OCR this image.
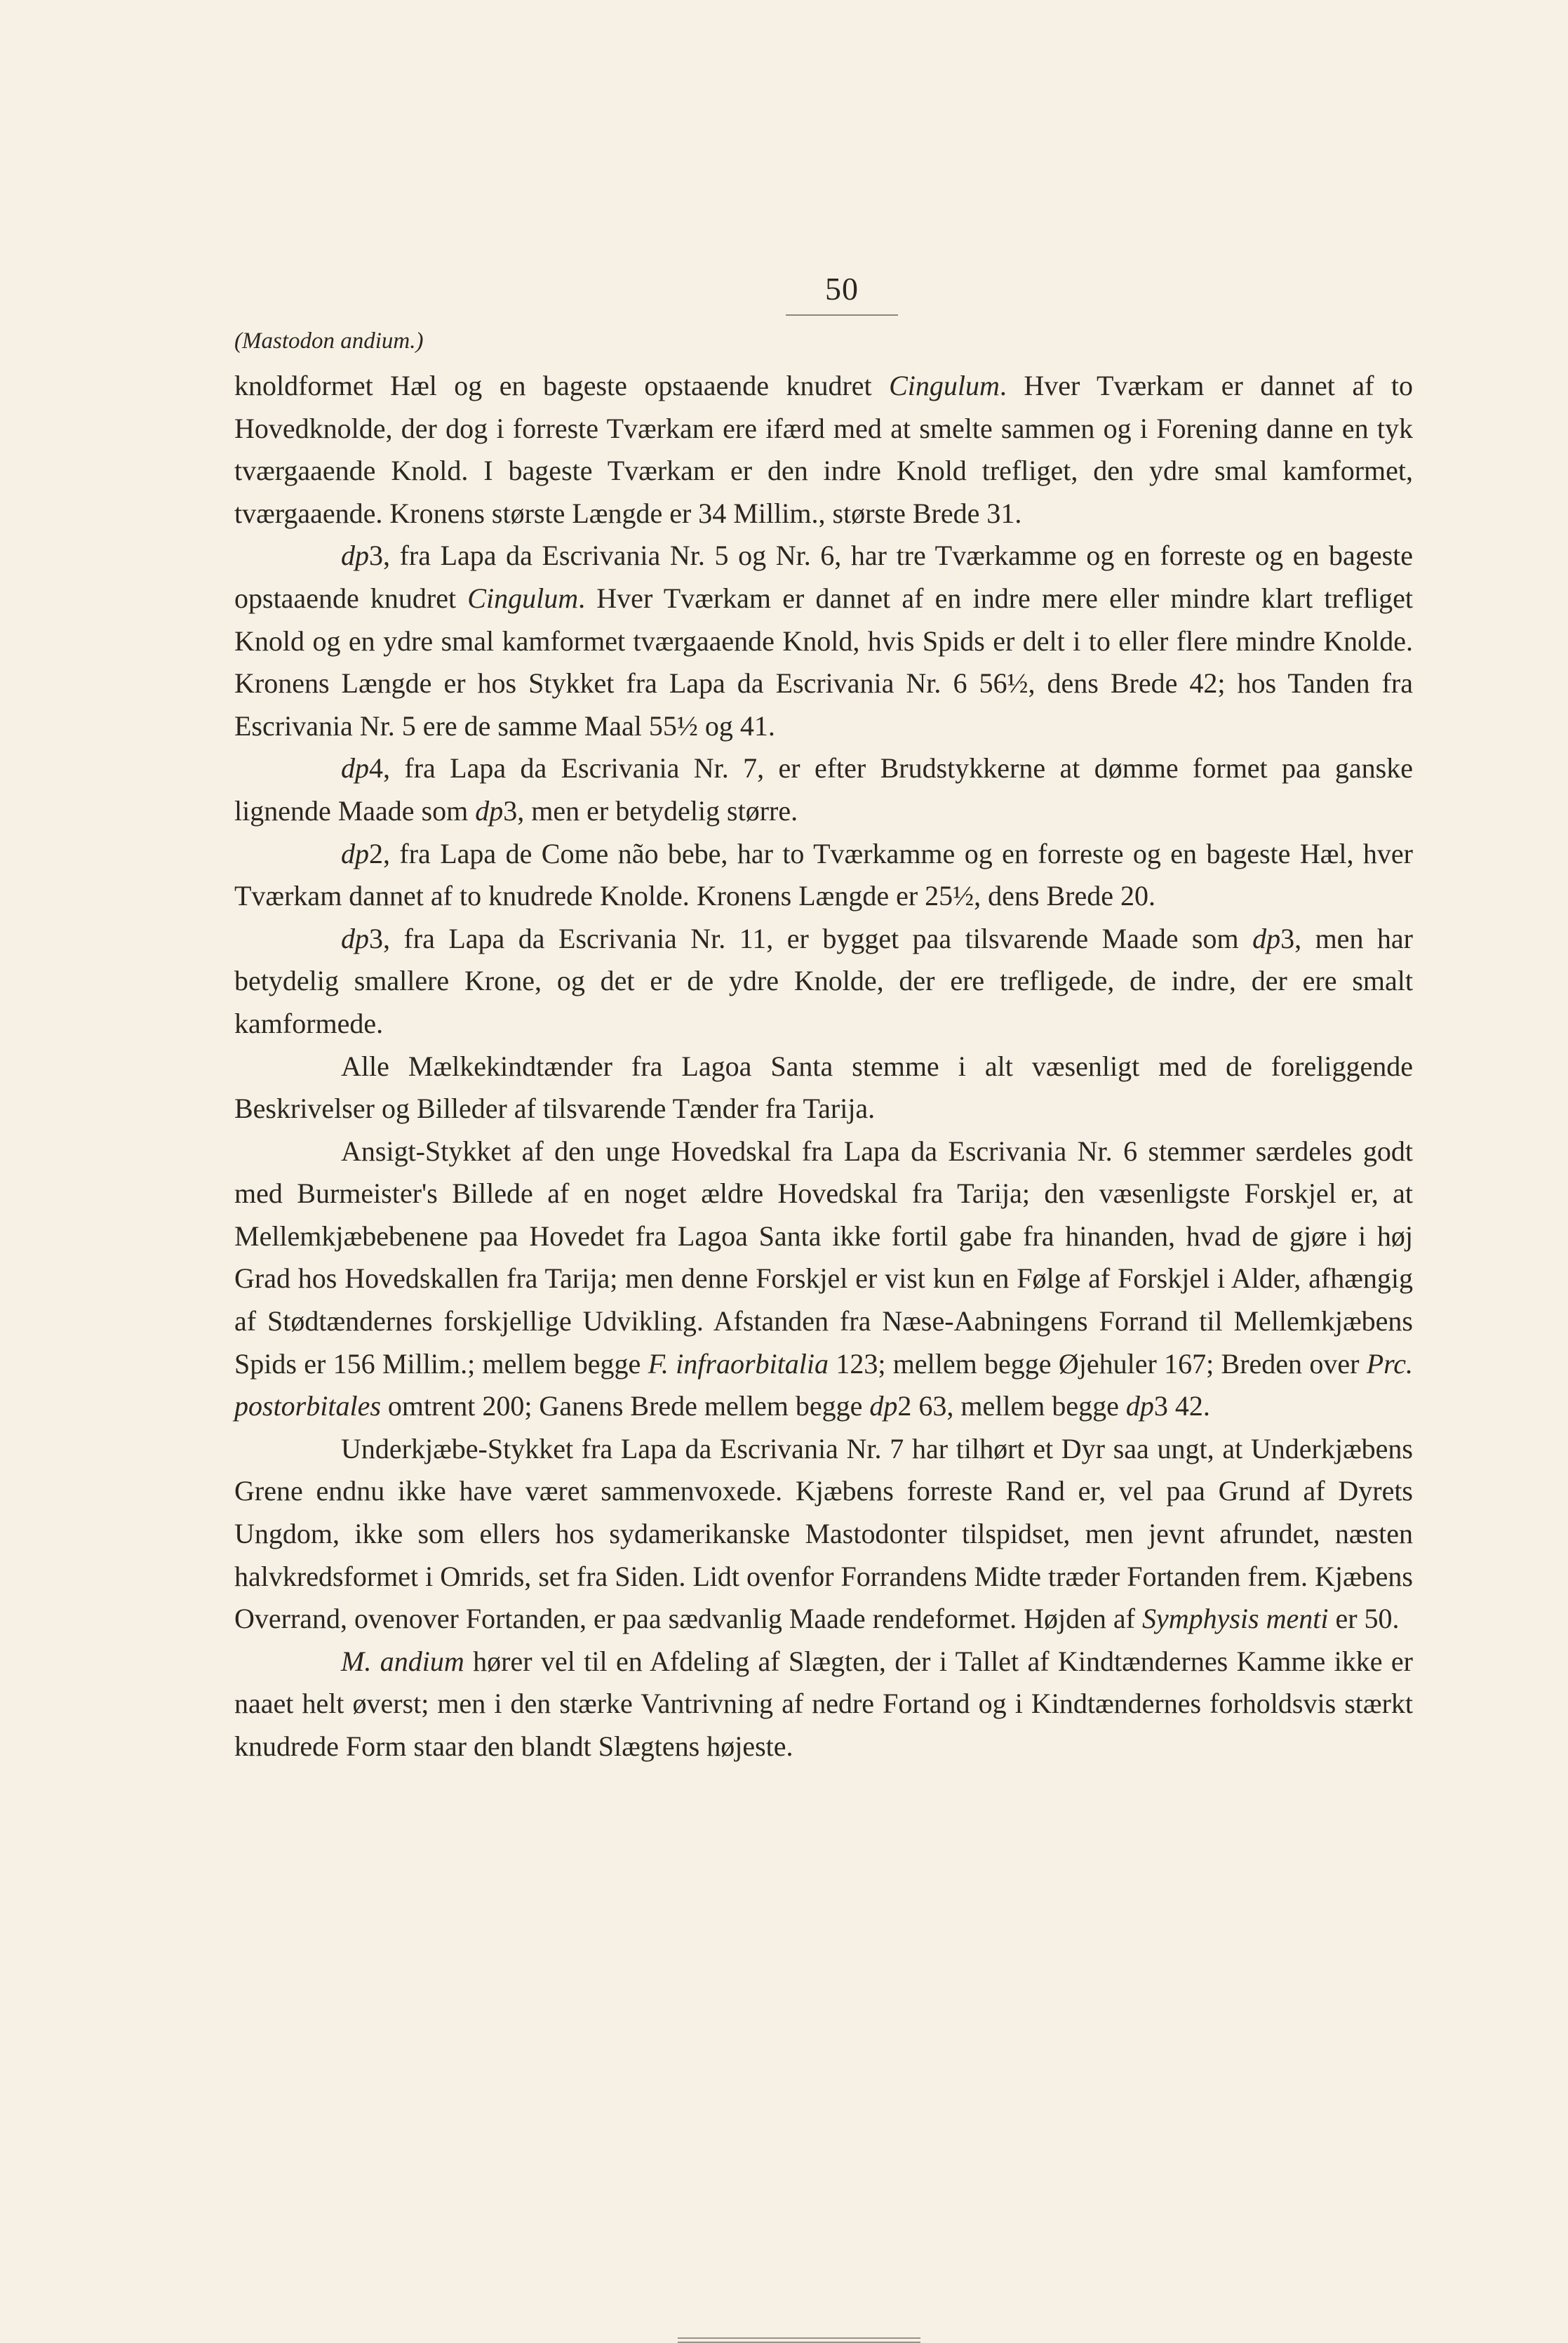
50
(Mastodon andium.)

knoldformet Hæl og en bageste opstaaende knudret Cingulum. Hver Tværkam er dannet af to Hovedknolde, der dog i forreste Tværkam ere ifærd med at smelte sammen og i Forening danne en tyk tværgaaende Knold. I bageste Tværkam er den indre Knold trefliget, den ydre smal kamformet, tværgaaende. Kronens største Længde er 34 Millim., største Brede 31.

dp3, fra Lapa da Escrivania Nr. 5 og Nr. 6, har tre Tværkamme og en forreste og en bageste opstaaende knudret Cingulum. Hver Tværkam er dannet af en indre mere eller mindre klart trefliget Knold og en ydre smal kamformet tværgaaende Knold, hvis Spids er delt i to eller flere mindre Knolde. Kronens Længde er hos Stykket fra Lapa da Escrivania Nr. 6 56½, dens Brede 42; hos Tanden fra Escrivania Nr. 5 ere de samme Maal 55½ og 41.

dp4, fra Lapa da Escrivania Nr. 7, er efter Brudstykkerne at dømme formet paa ganske lignende Maade som dp3, men er betydelig større.

dp2, fra Lapa de Come não bebe, har to Tværkamme og en forreste og en bageste Hæl, hver Tværkam dannet af to knudrede Knolde. Kronens Længde er 25½, dens Brede 20.

dp3, fra Lapa da Escrivania Nr. 11, er bygget paa tilsvarende Maade som dp3, men har betydelig smallere Krone, og det er de ydre Knolde, der ere trefligede, de indre, der ere smalt kamformede.

Alle Mælkekindtænder fra Lagoa Santa stemme i alt væsenligt med de foreliggende Beskrivelser og Billeder af tilsvarende Tænder fra Tarija.

Ansigt-Stykket af den unge Hovedskal fra Lapa da Escrivania Nr. 6 stemmer særdeles godt med Burmeister's Billede af en noget ældre Hovedskal fra Tarija; den væsenligste Forskjel er, at Mellemkjæbebenene paa Hovedet fra Lagoa Santa ikke fortil gabe fra hinanden, hvad de gjøre i høj Grad hos Hovedskallen fra Tarija; men denne Forskjel er vist kun en Følge af Forskjel i Alder, afhængig af Stødtændernes forskjellige Udvikling. Afstanden fra Næse-Aabningens Forrand til Mellemkjæbens Spids er 156 Millim.; mellem begge F. infraorbitalia 123; mellem begge Øjehuler 167; Breden over Prc. postorbitales omtrent 200; Ganens Brede mellem begge dp2 63, mellem begge dp3 42.

Underkjæbe-Stykket fra Lapa da Escrivania Nr. 7 har tilhørt et Dyr saa ungt, at Underkjæbens Grene endnu ikke have været sammenvoxede. Kjæbens forreste Rand er, vel paa Grund af Dyrets Ungdom, ikke som ellers hos sydamerikanske Mastodonter tilspidset, men jevnt afrundet, næsten halvkredsformet i Omrids, set fra Siden. Lidt ovenfor Forrandens Midte træder Fortanden frem. Kjæbens Overrand, ovenover Fortanden, er paa sædvanlig Maade rendeformet. Højden af Symphysis menti er 50.

M. andium hører vel til en Afdeling af Slægten, der i Tallet af Kindtændernes Kamme ikke er naaet helt øverst; men i den stærke Vantrivning af nedre Fortand og i Kindtændernes forholdsvis stærkt knudrede Form staar den blandt Slægtens højeste.
